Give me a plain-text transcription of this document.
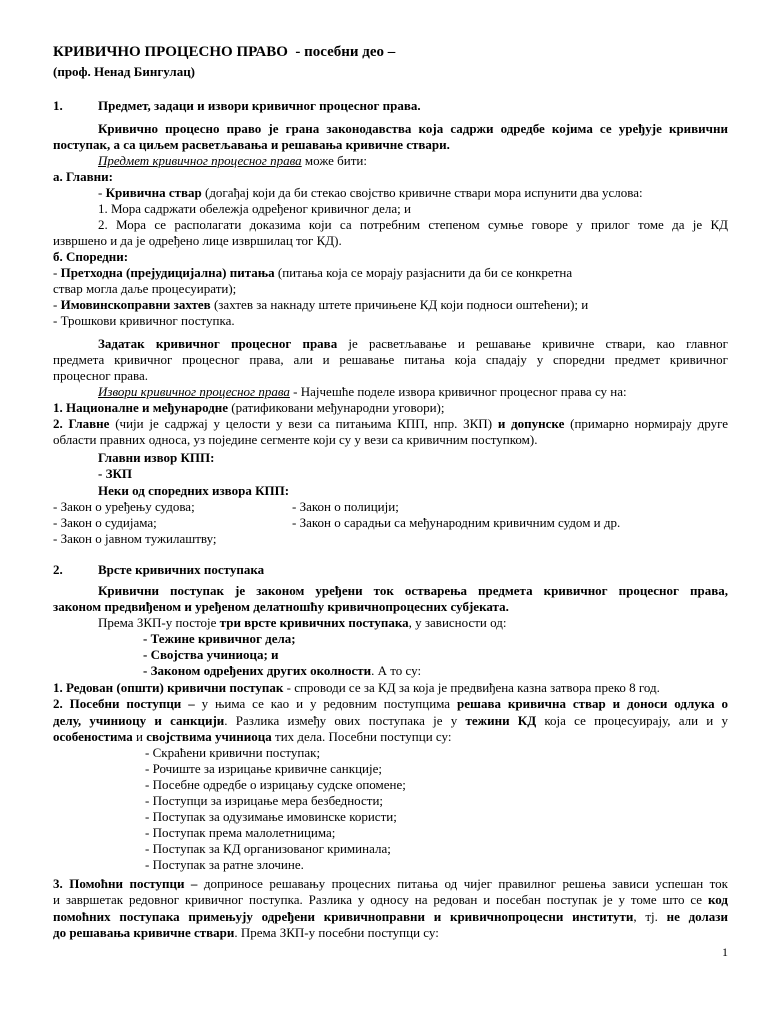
КРИВИЧНО ПРОЦЕСНО ПРАВО  - посебни део –
(проф. Ненад Бингулац)
1.	Предмет, задаци и извори кривичног процесног права.
Кривично процесно право је грана законодавства која садржи одредбе којима се уређује кривични
поступак, а са циљем расветљавања и решавања кривичне ствари.
Предмет кривичног процесног права може бити:
а. Главни:
- Кривична ствар (догађај који да би стекао својство кривичне ствари мора испунити два услова:
1. Мора садржати обележја одређеног кривичног дела; и
2. Мора се располагати доказима који са потребним степеном сумње говоре у прилог томе да је КД
извршено и да је одређено лице извршилац тог КД).
б. Споредни:
- Претходна (прејудицијална) питања (питања која се морају разјаснити да би се конкретна
ствар могла даље процесуирати);
- Имовинскоправни захтев (захтев за накнаду штете причињене КД који подноси оштећени); и
- Трошкови кривичног поступка.
Задатак кривичног процесног права је расветљавање и решавање кривичне ствари, као главног
предмета кривичног процесног права, али и решавање питања која спадају у споредни предмет кривичног
процесног права.
Извори кривичног процесног права - Најчешће поделе извора кривичног процесног права су на:
1. Националне и међународне (ратификовани међународни уговори);
2. Главне (чији је садржај у целости у вези са питањима КПП, нпр. ЗКП) и допунске (примарно нормирају друге
области правних односа, уз поједине сегменте који су у вези са кривичним поступком).
Главни извор КПП:
- ЗКП
Неки од споредних извора КПП:
- Закон о уређењу судова;	- Закон о полицији;
- Закон о судијама;	- Закон о сарадњи са међународним кривичним судом и др.
- Закон о јавном тужилаштву;
2.	Врсте кривичних поступака
Кривични поступак је законом уређени ток остварења предмета кривичног процесног права,
законом предвиђеном и уређеном делатношћу кривичнопроцесних субјеката.
Према ЗКП-у постоје три врсте кривичних поступака, у зависности од:
- Тежине кривичног дела;
- Својства учиниоца; и
- Законом одређених других околности. А то су:
1. Редован (општи) кривични поступак - спроводи се за КД за која је предвиђена казна затвора преко 8 год.
2. Посебни поступци – у њима се као и у редовним поступцима решава кривична ствар и доноси одлука о
делу, учиниоцу и санкцији. Разлика између ових поступака је у тежини КД која се процесуирају, али и у
особеностима и својствима учиниоца тих дела. Посебни поступци су:
- Скраћени кривични поступак;
- Рочиште за изрицање кривичне санкције;
- Посебне одредбе о изрицању судске опомене;
- Поступци за изрицање мера безбедности;
- Поступак за одузимање имовинске користи;
- Поступак према малолетницима;
- Поступак за КД организованог криминала;
- Поступак за ратне злочине.
3. Помоћни поступци – доприносе решавању процесних питања од чијег правилног решења зависи успешан ток
и завршетак редовног кривичног поступка. Разлика у односу на редован и посебан поступак је у томе што се код
помоћних поступака примењују одређени кривичноправни и кривичнопроцесни институти, тј. не долази
до решавања кривичне ствари. Према ЗКП-у посебни поступци су:
1
